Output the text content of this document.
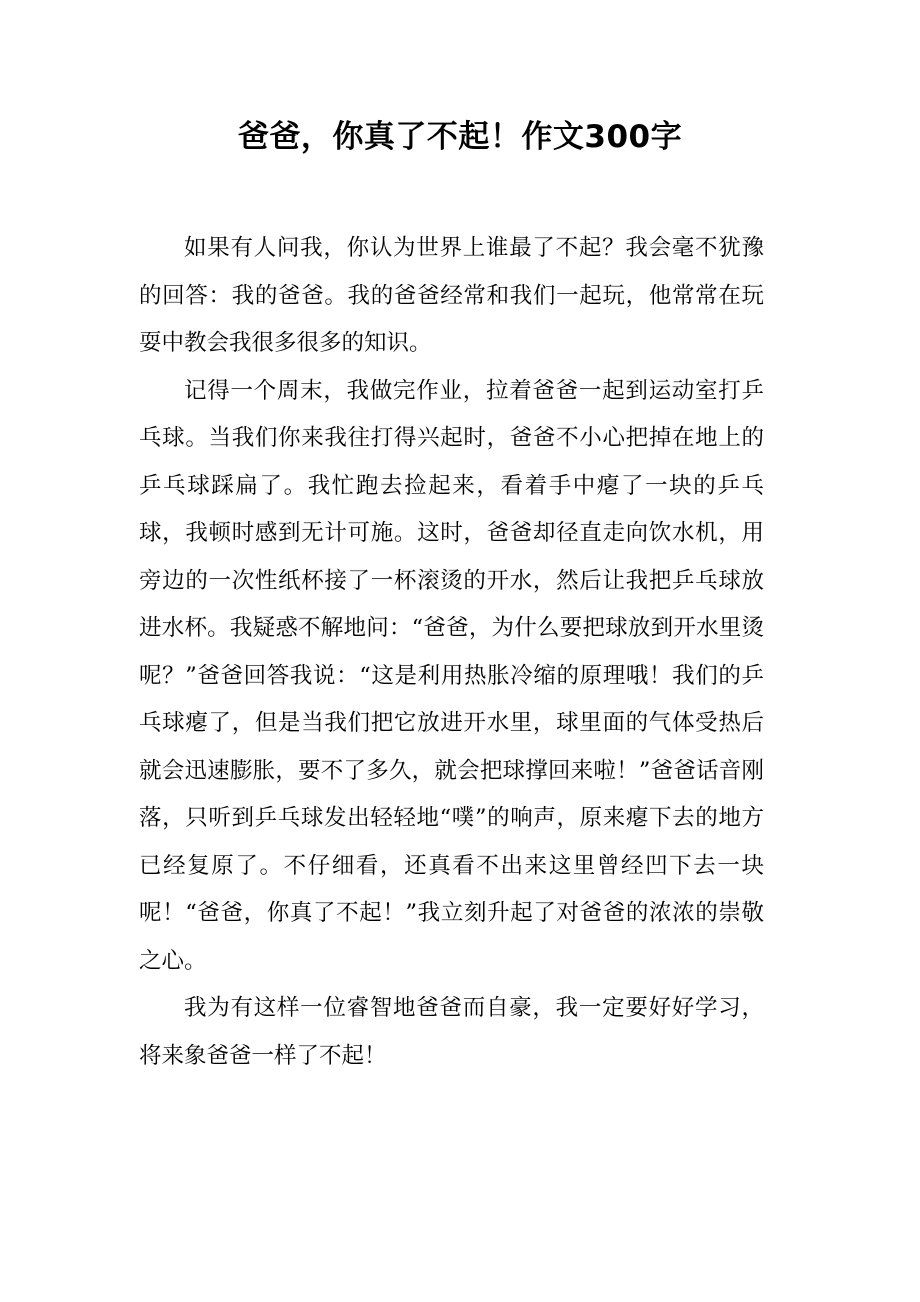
爸爸，你真了不起！作文300字

如果有人问我，你认为世界上谁最了不起？我会毫不犹豫的回答：我的爸爸。我的爸爸经常和我们一起玩，他常常在玩耍中教会我很多很多的知识。

记得一个周末，我做完作业，拉着爸爸一起到运动室打乒乓球。当我们你来我往打得兴起时，爸爸不小心把掉在地上的乒乓球踩扁了。我忙跑去捡起来，看着手中瘪了一块的乒乓球，我顿时感到无计可施。这时，爸爸却径直走向饮水机，用旁边的一次性纸杯接了一杯滚烫的开水，然后让我把乒乓球放进水杯。我疑惑不解地问：“爸爸，为什么要把球放到开水里烫呢？”爸爸回答我说：“这是利用热胀冷缩的原理哦！我们的乒乓球瘪了，但是当我们把它放进开水里，球里面的气体受热后就会迅速膨胀，要不了多久，就会把球撑回来啦！”爸爸话音刚落，只听到乒乓球发出轻轻地“噗”的响声，原来瘪下去的地方已经复原了。不仔细看，还真看不出来这里曾经凹下去一块呢！“爸爸，你真了不起！”我立刻升起了对爸爸的浓浓的崇敬之心。

我为有这样一位睿智地爸爸而自豪，我一定要好好学习，将来象爸爸一样了不起！
